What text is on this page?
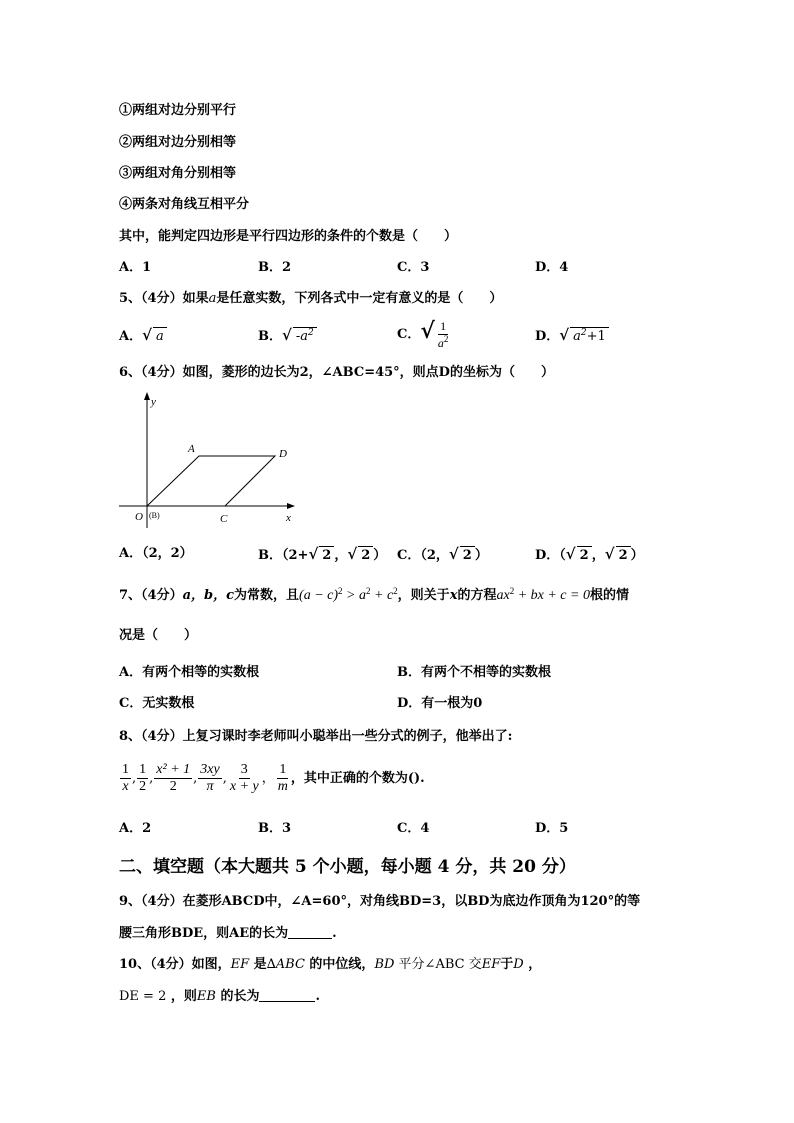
①两组对边分别平行
②两组对边分别相等
③两组对角分别相等
④两条对角线互相平分
其中，能判定四边形是平行四边形的条件的个数是（　　）
A．1	B．2	C．3	D．4
5、（4分）如果a是任意实数，下列各式中一定有意义的是（　　）
A．√ a	B．√ $-a^2$	C．√ $\frac{1}{a^2}$	D．√ $a^2+1$
6、（4分）如图，菱形的边长为2，∠ABC=45°，则点D的坐标为（　　）
y
x
A	D
O (B)	C
A．（2，2）	B．（2+√ 2 ，√ 2 ） C．（2，√ 2 ）	D．（√ 2 ，√ 2 ）
7、（4分）a，b，c为常数，且$(a - c)^2 > a^2 + c^2$，则关于x的方程$ax^2$ + bx + c = 0根的情
况是（　　）
A．有两个相等的实数根	B．有两个不相等的实数根
C．无实数根	D．有一根为0
8、（4分）上复习课时李老师叫小聪举出一些分式的例子，他举出了:
$\frac{1}{x}$ , $\frac{1}{2}$ , $\frac{\text{x² + 1}}{2}$ , $\frac{3xy}{\pi}$ , $\frac{3}{x + y}$ ， $\frac{1}{m}$ ，其中正确的个数为().
A．2	B．3	C．4	D．5
二、填空题（本大题共 5 个小题，每小题 4 分，共 20 分）
9、（4分）在菱形ABCD中，∠A=60°，对角线BD=3，以BD为底边作顶角为120°的等
腰三角形BDE，则AE的长为	.
10、（4分）如图，EF 是∆ABC 的中位线，BD 平分∠ABC 交EF于D ，
DE = 2 ，则EB 的长为	.
